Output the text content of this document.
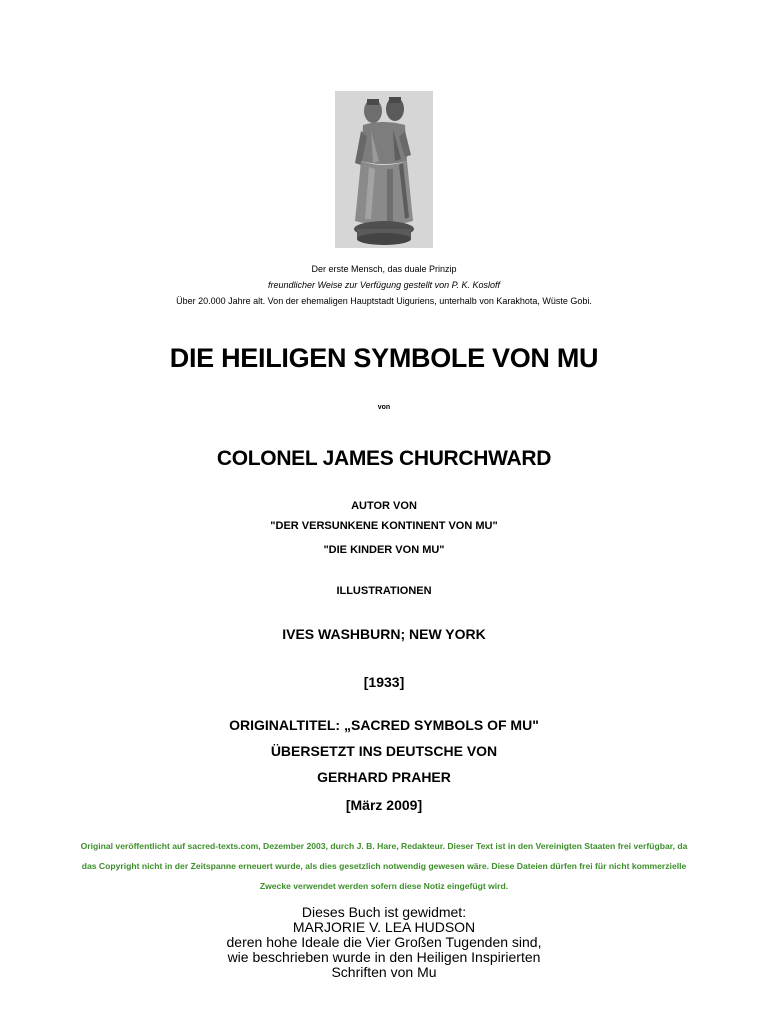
Der erste Mensch, das duale Prinzip
freundlicher Weise zur Verfügung gestellt von P. K. Kosloff
Über 20.000 Jahre alt. Von der ehemaligen Hauptstadt Uiguriens, unterhalb von Karakhota, Wüste Gobi.
DIE HEILIGEN SYMBOLE VON MU
von
COLONEL JAMES CHURCHWARD
AUTOR VON
"DER VERSUNKENE KONTINENT VON MU"
"DIE KINDER VON MU"
ILLUSTRATIONEN
IVES WASHBURN; NEW YORK
[1933]
ORIGINALTITEL: „SACRED SYMBOLS OF MU"
ÜBERSETZT INS DEUTSCHE VON
GERHARD PRAHER
[März 2009]
Original veröffentlicht auf sacred-texts.com, Dezember 2003, durch J. B. Hare, Redakteur. Dieser Text ist in den Vereinigten Staaten frei verfügbar, da das Copyright nicht in der Zeitspanne erneuert wurde, als dies gesetzlich notwendig gewesen wäre. Diese Dateien dürfen frei für nicht kommerzielle Zwecke verwendet werden sofern diese Notiz eingefügt wird.
Dieses Buch ist gewidmet:
MARJORIE V. LEA HUDSON
deren hohe Ideale die Vier Großen Tugenden sind,
wie beschrieben wurde in den Heiligen Inspirierten
Schriften von Mu
